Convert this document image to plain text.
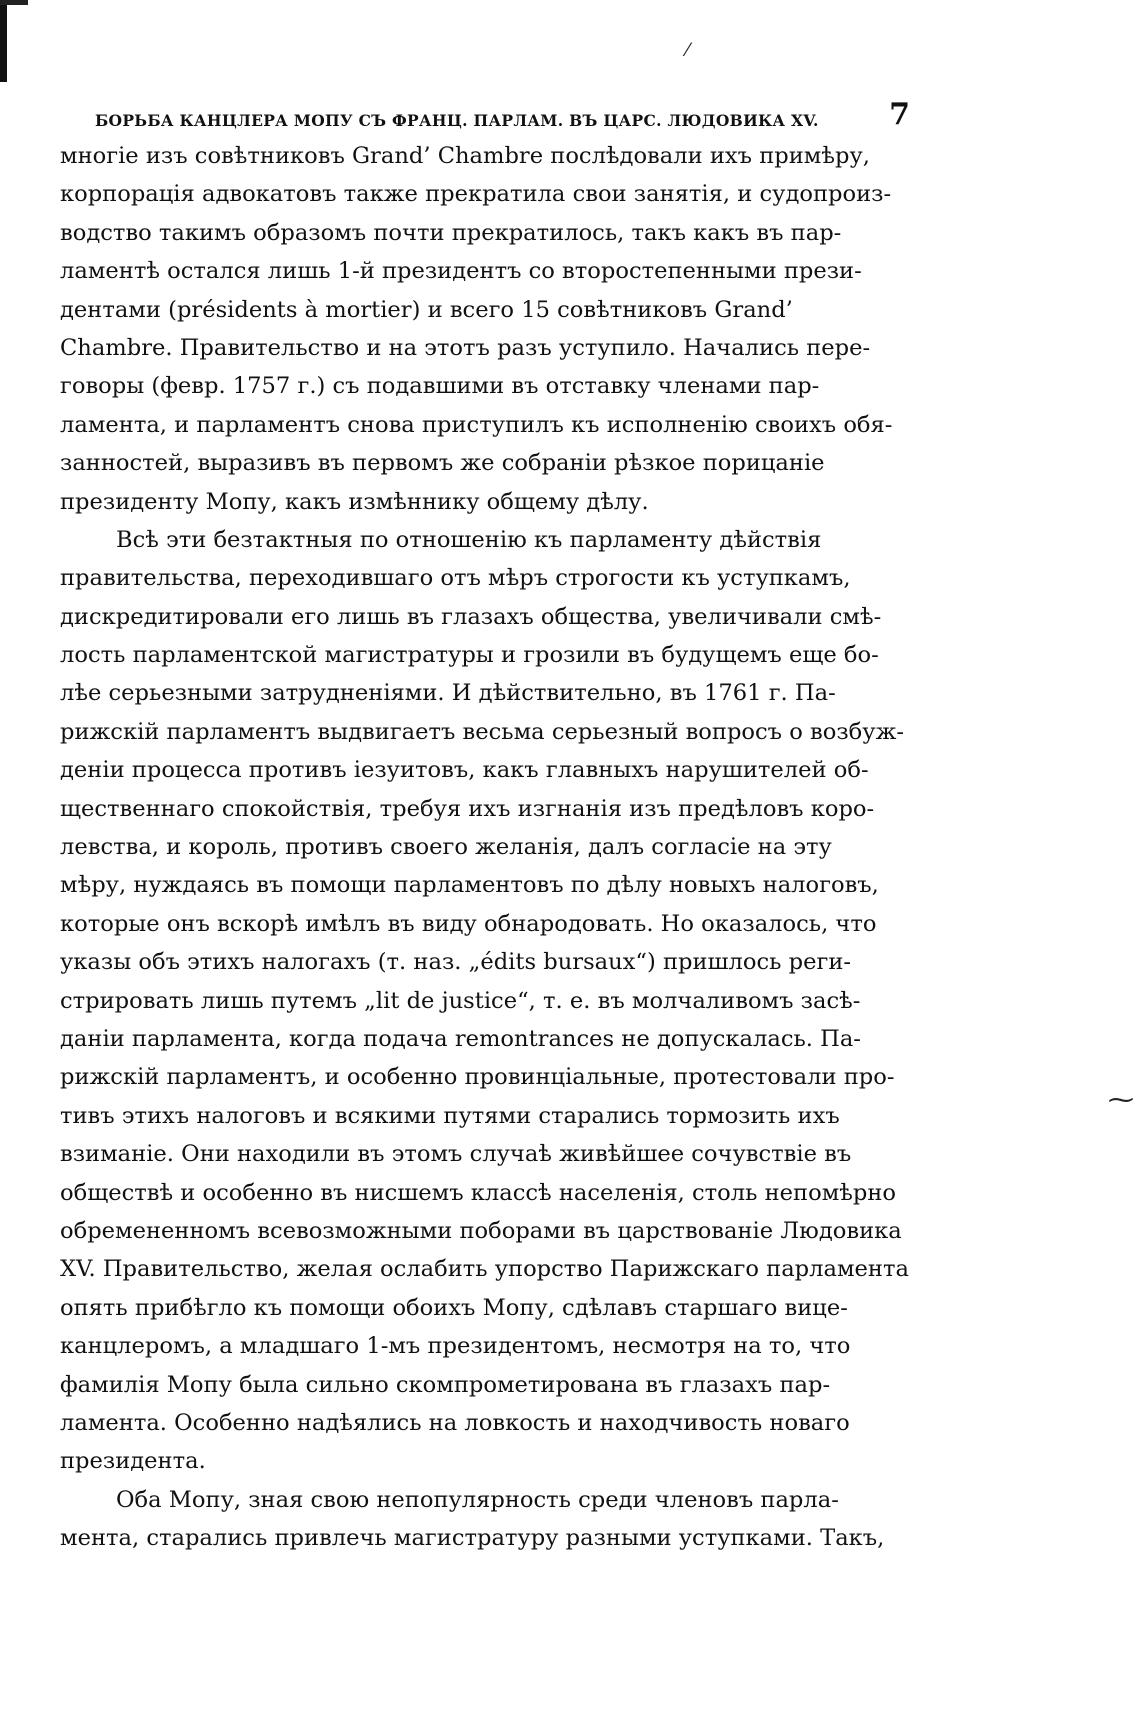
БОРЬБА КАНЦЛЕРА МОПУ СЪ ФРАНЦ. ПАРЛАМ. ВЪ ЦАРС. ЛЮДОВИКА XV. 7
многіе изъ совѣтниковъ Grand’ Chambre послѣдовали ихъ примѣру,
корпорація адвокатовъ также прекратила свои занятія, и судопроиз-
водство такимъ образомъ почти прекратилось, такъ какъ въ пар-
ламентѣ остался лишь 1-й президентъ со второстепенными прези-
дентами (présidents à mortier) и всего 15 совѣтниковъ Grand’
Chambre. Правительство и на этотъ разъ уступило. Начались пере-
говоры (февр. 1757 г.) съ подавшими въ отставку членами пар-
ламента, и парламентъ снова приступилъ къ исполненію своихъ обя-
занностей, выразивъ въ первомъ же собраніи рѣзкое порицаніе
президенту Мопу, какъ измѣннику общему дѣлу.
Всѣ эти безтактныя по отношенію къ парламенту дѣйствія
правительства, переходившаго отъ мѣръ строгости къ уступкамъ,
дискредитировали его лишь въ глазахъ общества, увеличивали смѣ-
лость парламентской магистратуры и грозили въ будущемъ еще бо-
лѣе серьезными затрудненіями. И дѣйствительно, въ 1761 г. Па-
рижскій парламентъ выдвигаетъ весьма серьезный вопросъ о возбуж-
деніи процесса противъ іезуитовъ, какъ главныхъ нарушителей об-
щественнаго спокойствія, требуя ихъ изгнанія изъ предѣловъ коро-
левства, и король, противъ своего желанія, далъ согласіе на эту
мѣру, нуждаясь въ помощи парламентовъ по дѣлу новыхъ налоговъ,
которые онъ вскорѣ имѣлъ въ виду обнародовать. Но оказалось, что
указы объ этихъ налогахъ (т. наз. „édits bursaux“) пришлось реги-
стрировать лишь путемъ „lit de justice“, т. е. въ молчаливомъ засѣ-
даніи парламента, когда подача remontrances не допускалась. Па-
рижскій парламентъ, и особенно провинціальные, протестовали про-
тивъ этихъ налоговъ и всякими путями старались тормозить ихъ
взиманіе. Они находили въ этомъ случаѣ живѣйшее сочувствіе въ
обществѣ и особенно въ нисшемъ классѣ населенія, столь непомѣрно
обремененномъ всевозможными поборами въ царствованіе Людовика
XV. Правительство, желая ослабить упорство Парижскаго парламента
опять прибѣгло къ помощи обоихъ Мопу, сдѣлавъ старшаго вице-
канцлеромъ, а младшаго 1-мъ президентомъ, несмотря на то, что
фамилія Мопу была сильно скомпрометирована въ глазахъ пар-
ламента. Особенно надѣялись на ловкость и находчивость новаго
президента.
Оба Мопу, зная свою непопулярность среди членовъ парла-
мента, старались привлечь магистратуру разными уступками. Такъ,
⁓
⁄
